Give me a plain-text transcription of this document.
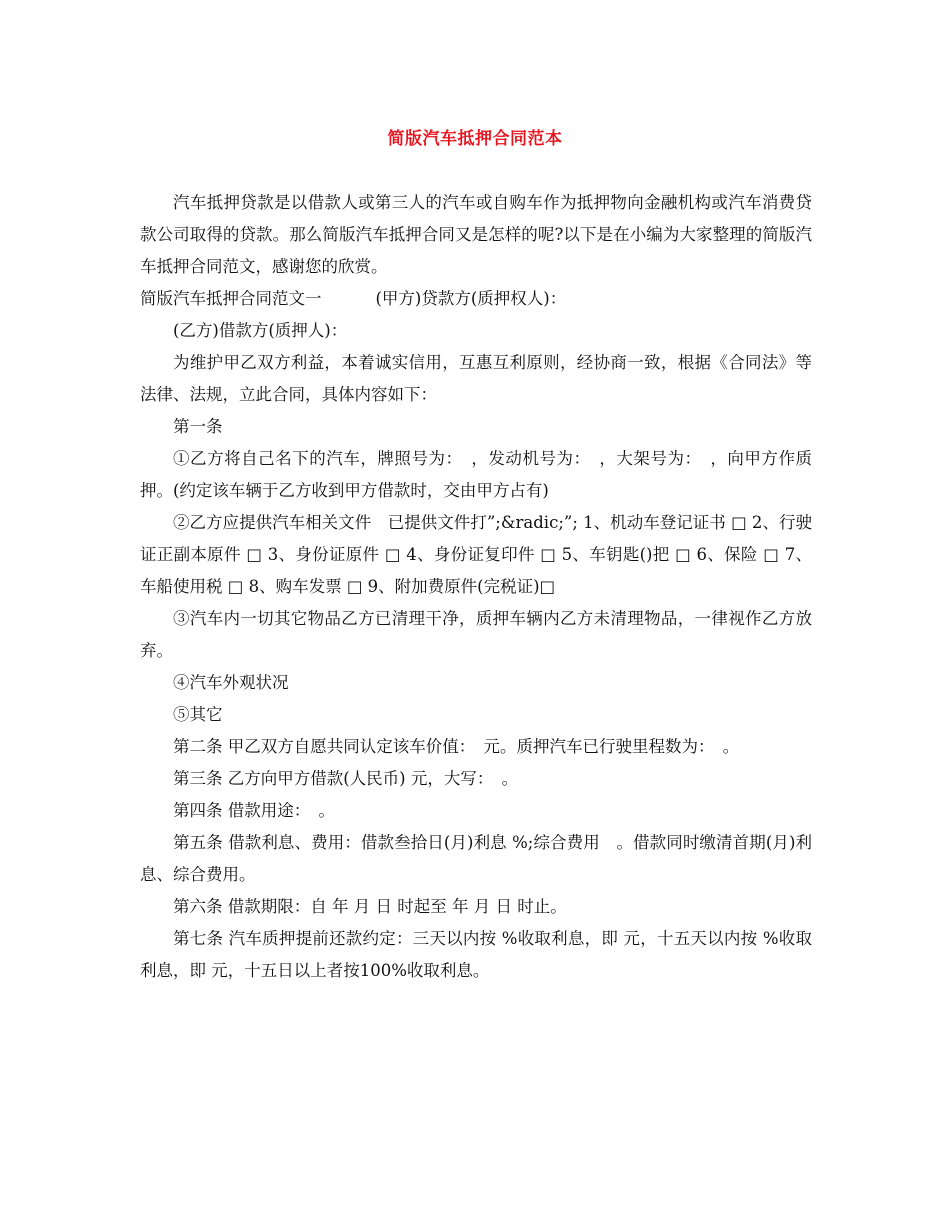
简版汽车抵押合同范本

汽车抵押贷款是以借款人或第三人的汽车或自购车作为抵押物向金融机构或汽车消费贷款公司取得的贷款。那么简版汽车抵押合同又是怎样的呢?以下是在小编为大家整理的简版汽车抵押合同范文，感谢您的欣赏。

简版汽车抵押合同范文一	(甲方)贷款方(质押权人)：

(乙方)借款方(质押人)：

为维护甲乙双方利益，本着诚实信用，互惠互利原则，经协商一致，根据《合同法》等法律、法规，立此合同，具体内容如下：

第一条

①乙方将自己名下的汽车，牌照号为：　，发动机号为：　，大架号为：　，向甲方作质押。(约定该车辆于乙方收到甲方借款时，交由甲方占有)

②乙方应提供汽车相关文件　已提供文件打”;&radic;”; 1、机动车登记证书 □ 2、行驶证正副本原件 □ 3、身份证原件 □ 4、身份证复印件 □ 5、车钥匙()把 □ 6、保险 □ 7、车船使用税 □ 8、购车发票 □ 9、附加费原件(完税证)□

③汽车内一切其它物品乙方已清理干净，质押车辆内乙方未清理物品，一律视作乙方放弃。

④汽车外观状况

⑤其它

第二条 甲乙双方自愿共同认定该车价值：　元。质押汽车已行驶里程数为：　。

第三条 乙方向甲方借款(人民币) 元，大写：　。

第四条 借款用途：　。

第五条 借款利息、费用：借款叁拾日(月)利息 %;综合费用　。借款同时缴清首期(月)利息、综合费用。

第六条 借款期限：自 年 月 日 时起至 年 月 日 时止。

第七条 汽车质押提前还款约定：三天以内按 %收取利息，即 元，十五天以内按 %收取利息，即 元，十五日以上者按100%收取利息。
